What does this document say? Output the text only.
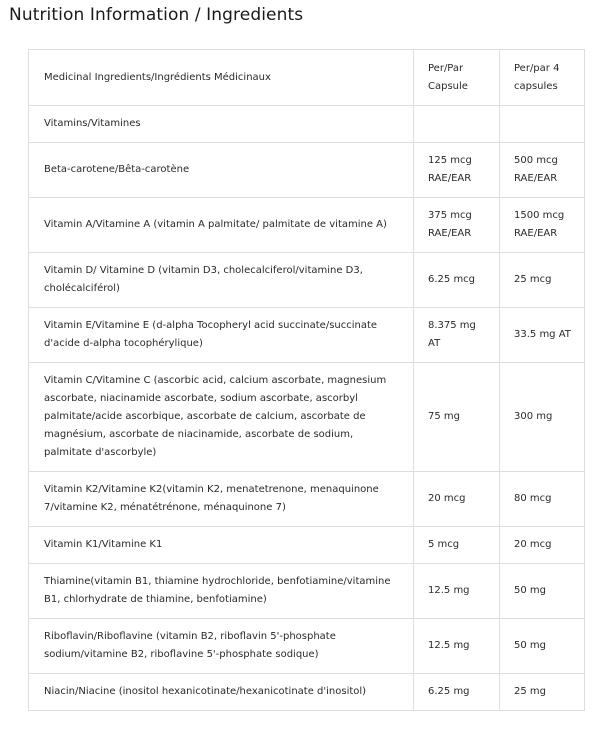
Nutrition Information / Ingredients
Medicinal Ingredients/Ingrédients Médicinaux	Per/Par Capsule	Per/par 4 capsules
Vitamins/Vitamines		
Beta-carotene/Bêta-carotène	125 mcg RAE/EAR	500 mcg RAE/EAR
Vitamin A/Vitamine A (vitamin A palmitate/ palmitate de vitamine A)	375 mcg RAE/EAR	1500 mcg RAE/EAR
Vitamin D/ Vitamine D (vitamin D3, cholecalciferol/vitamine D3, cholécalciférol)	6.25 mcg	25 mcg
Vitamin E/Vitamine E (d-alpha Tocopheryl acid succinate/succinate d'acide d-alpha tocophérylique)	8.375 mg AT	33.5 mg AT
Vitamin C/Vitamine C (ascorbic acid, calcium ascorbate, magnesium ascorbate, niacinamide ascorbate, sodium ascorbate, ascorbyl palmitate/acide ascorbique, ascorbate de calcium, ascorbate de magnésium, ascorbate de niacinamide, ascorbate de sodium, palmitate d'ascorbyle)	75 mg	300 mg
Vitamin K2/Vitamine K2(vitamin K2, menatetrenone, menaquinone 7/vitamine K2, ménatétrénone, ménaquinone 7)	20 mcg	80 mcg
Vitamin K1/Vitamine K1	5 mcg	20 mcg
Thiamine(vitamin B1, thiamine hydrochloride, benfotiamine/vitamine B1, chlorhydrate de thiamine, benfotiamine)	12.5 mg	50 mg
Riboflavin/Riboflavine (vitamin B2, riboflavin 5'-phosphate sodium/vitamine B2, riboflavine 5'-phosphate sodique)	12.5 mg	50 mg
Niacin/Niacine (inositol hexanicotinate/hexanicotinate d'inositol)	6.25 mg	25 mg
